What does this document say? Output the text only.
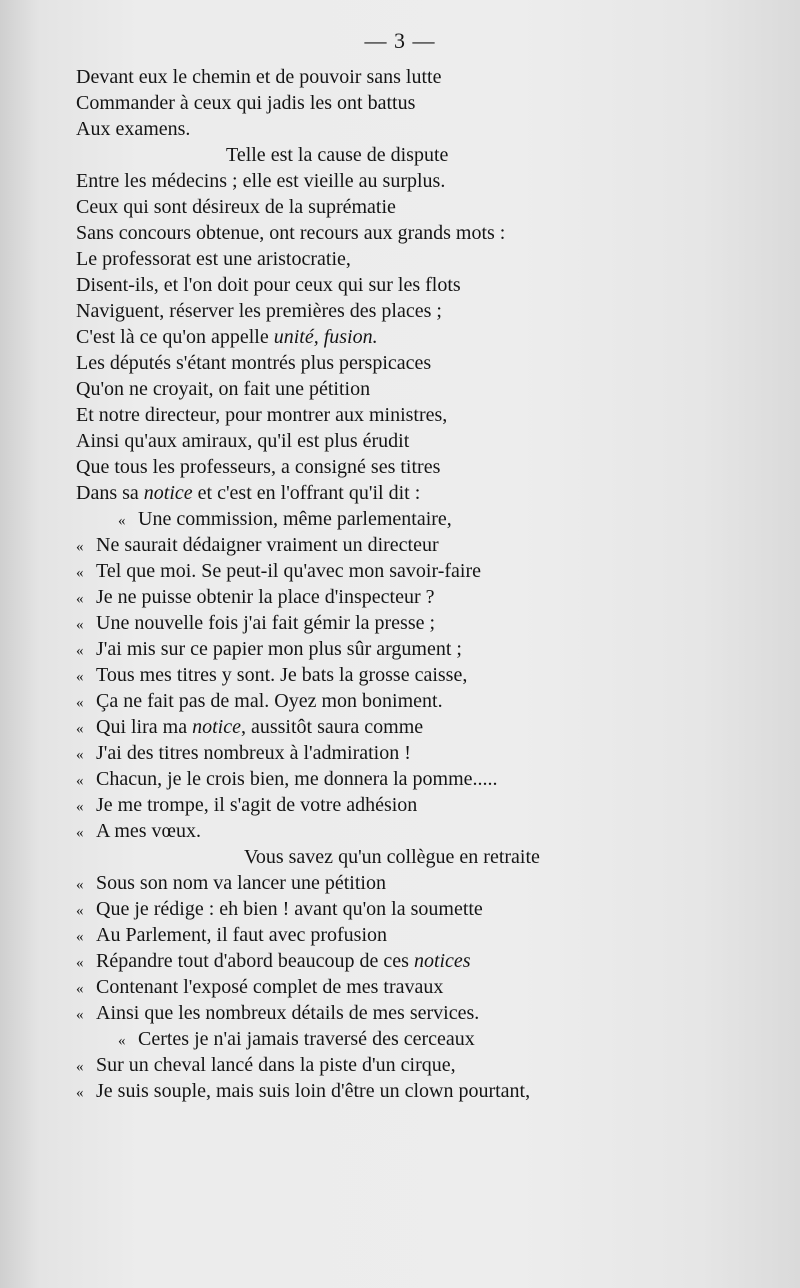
— 3 —
Devant eux le chemin et de pouvoir sans lutte
Commander à ceux qui jadis les ont battus
Aux examens.
Telle est la cause de dispute
Entre les médecins ; elle est vieille au surplus.
Ceux qui sont désireux de la suprématie
Sans concours obtenue, ont recours aux grands mots :
Le professorat est une aristocratie,
Disent-ils, et l'on doit pour ceux qui sur les flots
Naviguent, réserver les premières des places ;
C'est là ce qu'on appelle unité, fusion.
Les députés s'étant montrés plus perspicaces
Qu'on ne croyait, on fait une pétition
Et notre directeur, pour montrer aux ministres,
Ainsi qu'aux amiraux, qu'il est plus érudit
Que tous les professeurs, a consigné ses titres
Dans sa notice et c'est en l'offrant qu'il dit :
« Une commission, même parlementaire,
« Ne saurait dédaigner vraiment un directeur
« Tel que moi. Se peut-il qu'avec mon savoir-faire
« Je ne puisse obtenir la place d'inspecteur ?
« Une nouvelle fois j'ai fait gémir la presse ;
« J'ai mis sur ce papier mon plus sûr argument ;
« Tous mes titres y sont. Je bats la grosse caisse,
« Ça ne fait pas de mal. Oyez mon boniment.
« Qui lira ma notice, aussitôt saura comme
« J'ai des titres nombreux à l'admiration !
« Chacun, je le crois bien, me donnera la pomme.....
« Je me trompe, il s'agit de votre adhésion
« A mes vœux.
Vous savez qu'un collègue en retraite
« Sous son nom va lancer une pétition
« Que je rédige : eh bien ! avant qu'on la soumette
« Au Parlement, il faut avec profusion
« Répandre tout d'abord beaucoup de ces notices
« Contenant l'exposé complet de mes travaux
« Ainsi que les nombreux détails de mes services.
« Certes je n'ai jamais traversé des cerceaux
« Sur un cheval lancé dans la piste d'un cirque,
« Je suis souple, mais suis loin d'être un clown pourtant,
